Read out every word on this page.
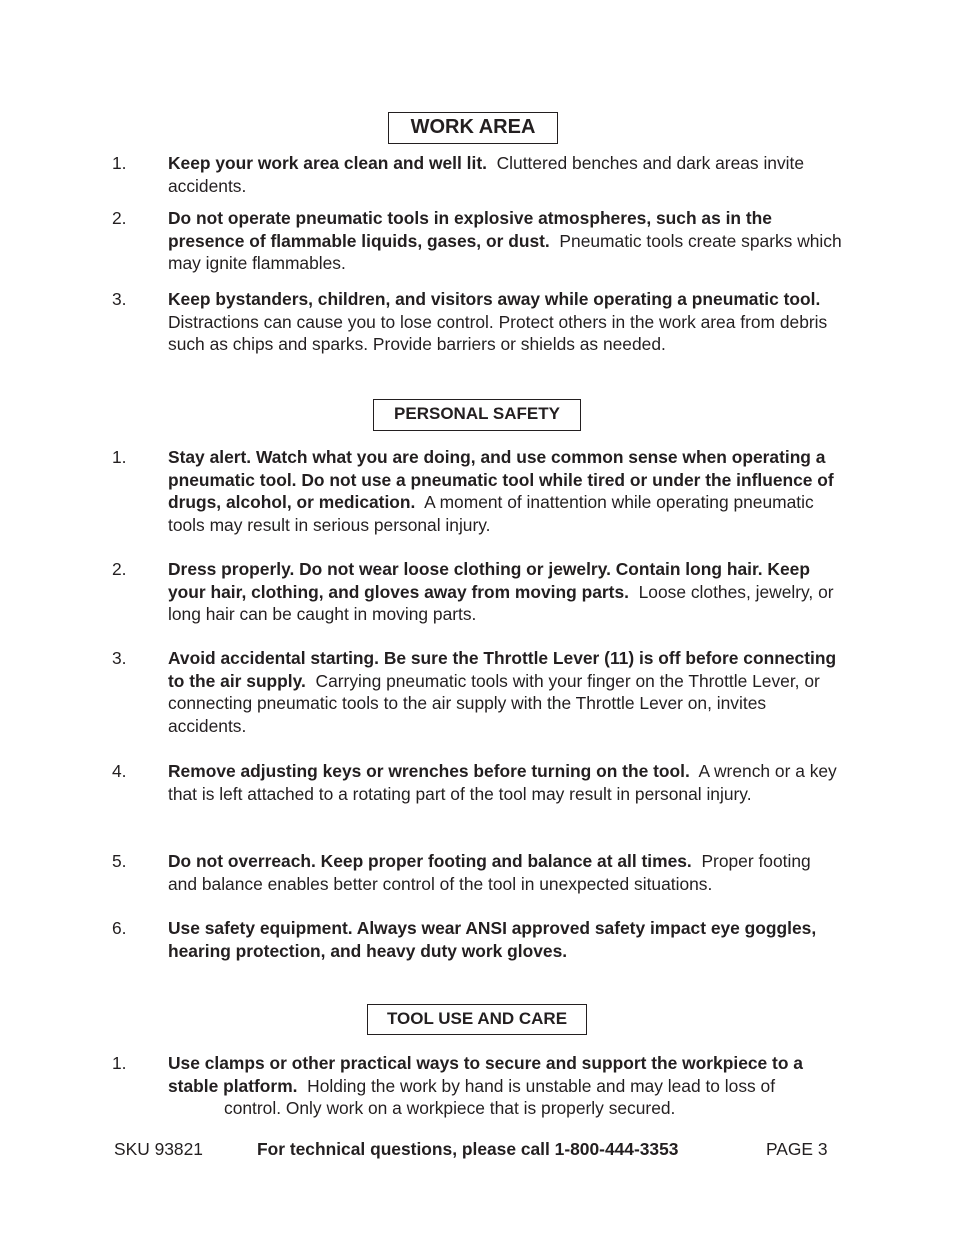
WORK AREA
1.	Keep your work area clean and well lit. Cluttered benches and dark areas invite accidents.
2.	Do not operate pneumatic tools in explosive atmospheres, such as in the presence of flammable liquids, gases, or dust. Pneumatic tools create sparks which may ignite flammables.
3.	Keep bystanders, children, and visitors away while operating a pneumatic tool.  Distractions can cause you to lose control. Protect others in the work area from debris such as chips and sparks. Provide barriers or shields as needed.
PERSONAL SAFETY
1.	Stay alert. Watch what you are doing, and use common sense when operating a pneumatic tool. Do not use a pneumatic tool while tired or under the influence of drugs, alcohol, or medication. A moment of inattention while operating pneumatic tools may result in serious personal injury.
2.	Dress properly. Do not wear loose clothing or jewelry. Contain long hair. Keep your hair, clothing, and gloves away from moving parts. Loose clothes, jewelry, or long hair can be caught in moving parts.
3.	Avoid accidental starting. Be sure the Throttle Lever (11) is off before connecting to the air supply. Carrying pneumatic tools with your finger on the Throttle Lever, or connecting pneumatic tools to the air supply with the Throttle Lever on, invites accidents.
4.	Remove adjusting keys or wrenches before turning on the tool. A wrench or a key that is left attached to a rotating part of the tool may result in personal injury.
5.	Do not overreach. Keep proper footing and balance at all times. Proper footing and balance enables better control of the tool in unexpected situations.
6.	Use safety equipment. Always wear ANSI approved safety impact eye goggles, hearing protection, and heavy duty work gloves.
TOOL USE AND CARE
1.	Use clamps or other practical ways to secure and support the workpiece to a stable platform. Holding the work by hand is unstable and may lead to loss of
control. Only work on a workpiece that is properly secured.
SKU 93821	For technical questions, please call 1-800-444-3353	PAGE 3
